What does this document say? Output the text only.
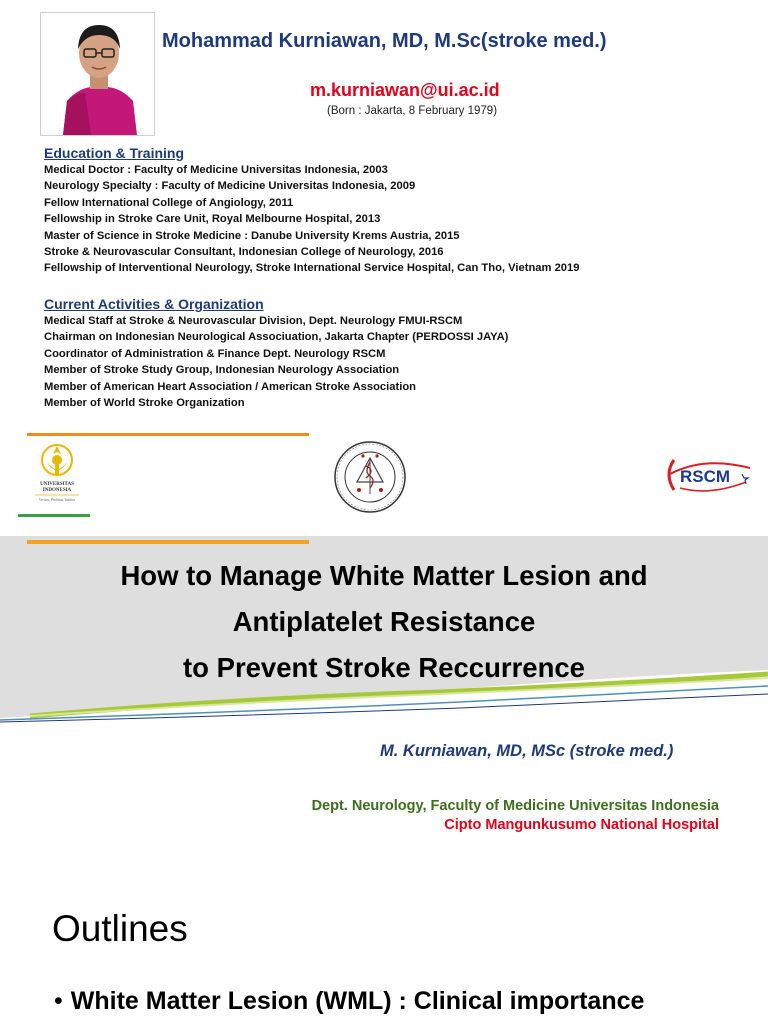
Mohammad Kurniawan, MD, M.Sc(stroke med.)
m.kurniawan@ui.ac.id
(Born : Jakarta, 8 February 1979)
Education & Training
Medical Doctor : Faculty of Medicine Universitas Indonesia, 2003
Neurology Specialty : Faculty of Medicine Universitas Indonesia, 2009
Fellow International College of Angiology, 2011
Fellowship in Stroke Care Unit, Royal Melbourne Hospital, 2013
Master of Science in Stroke Medicine : Danube University Krems Austria, 2015
Stroke & Neurovascular Consultant, Indonesian College of Neurology, 2016
Fellowship of Interventional Neurology, Stroke International Service Hospital, Can Tho, Vietnam 2019
Current Activities & Organization
Medical Staff at Stroke & Neurovascular Division, Dept. Neurology FMUI-RSCM
Chairman on Indonesian Neurological Associuation, Jakarta Chapter (PERDOSSI JAYA)
Coordinator of Administration & Finance Dept. Neurology RSCM
Member of Stroke Study Group, Indonesian Neurology Association
Member of American Heart Association / American Stroke Association
Member of World Stroke Organization
UNIVERSITAS
INDONESIA
Veritas, Probitas, Iustitia
RSCM
How to Manage White Matter Lesion and
Antiplatelet Resistance
to Prevent Stroke Reccurrence
M. Kurniawan, MD, MSc (stroke med.)
Dept. Neurology, Faculty of Medicine Universitas Indonesia
Cipto Mangunkusumo National Hospital
Outlines
• White Matter Lesion (WML) : Clinical importance
